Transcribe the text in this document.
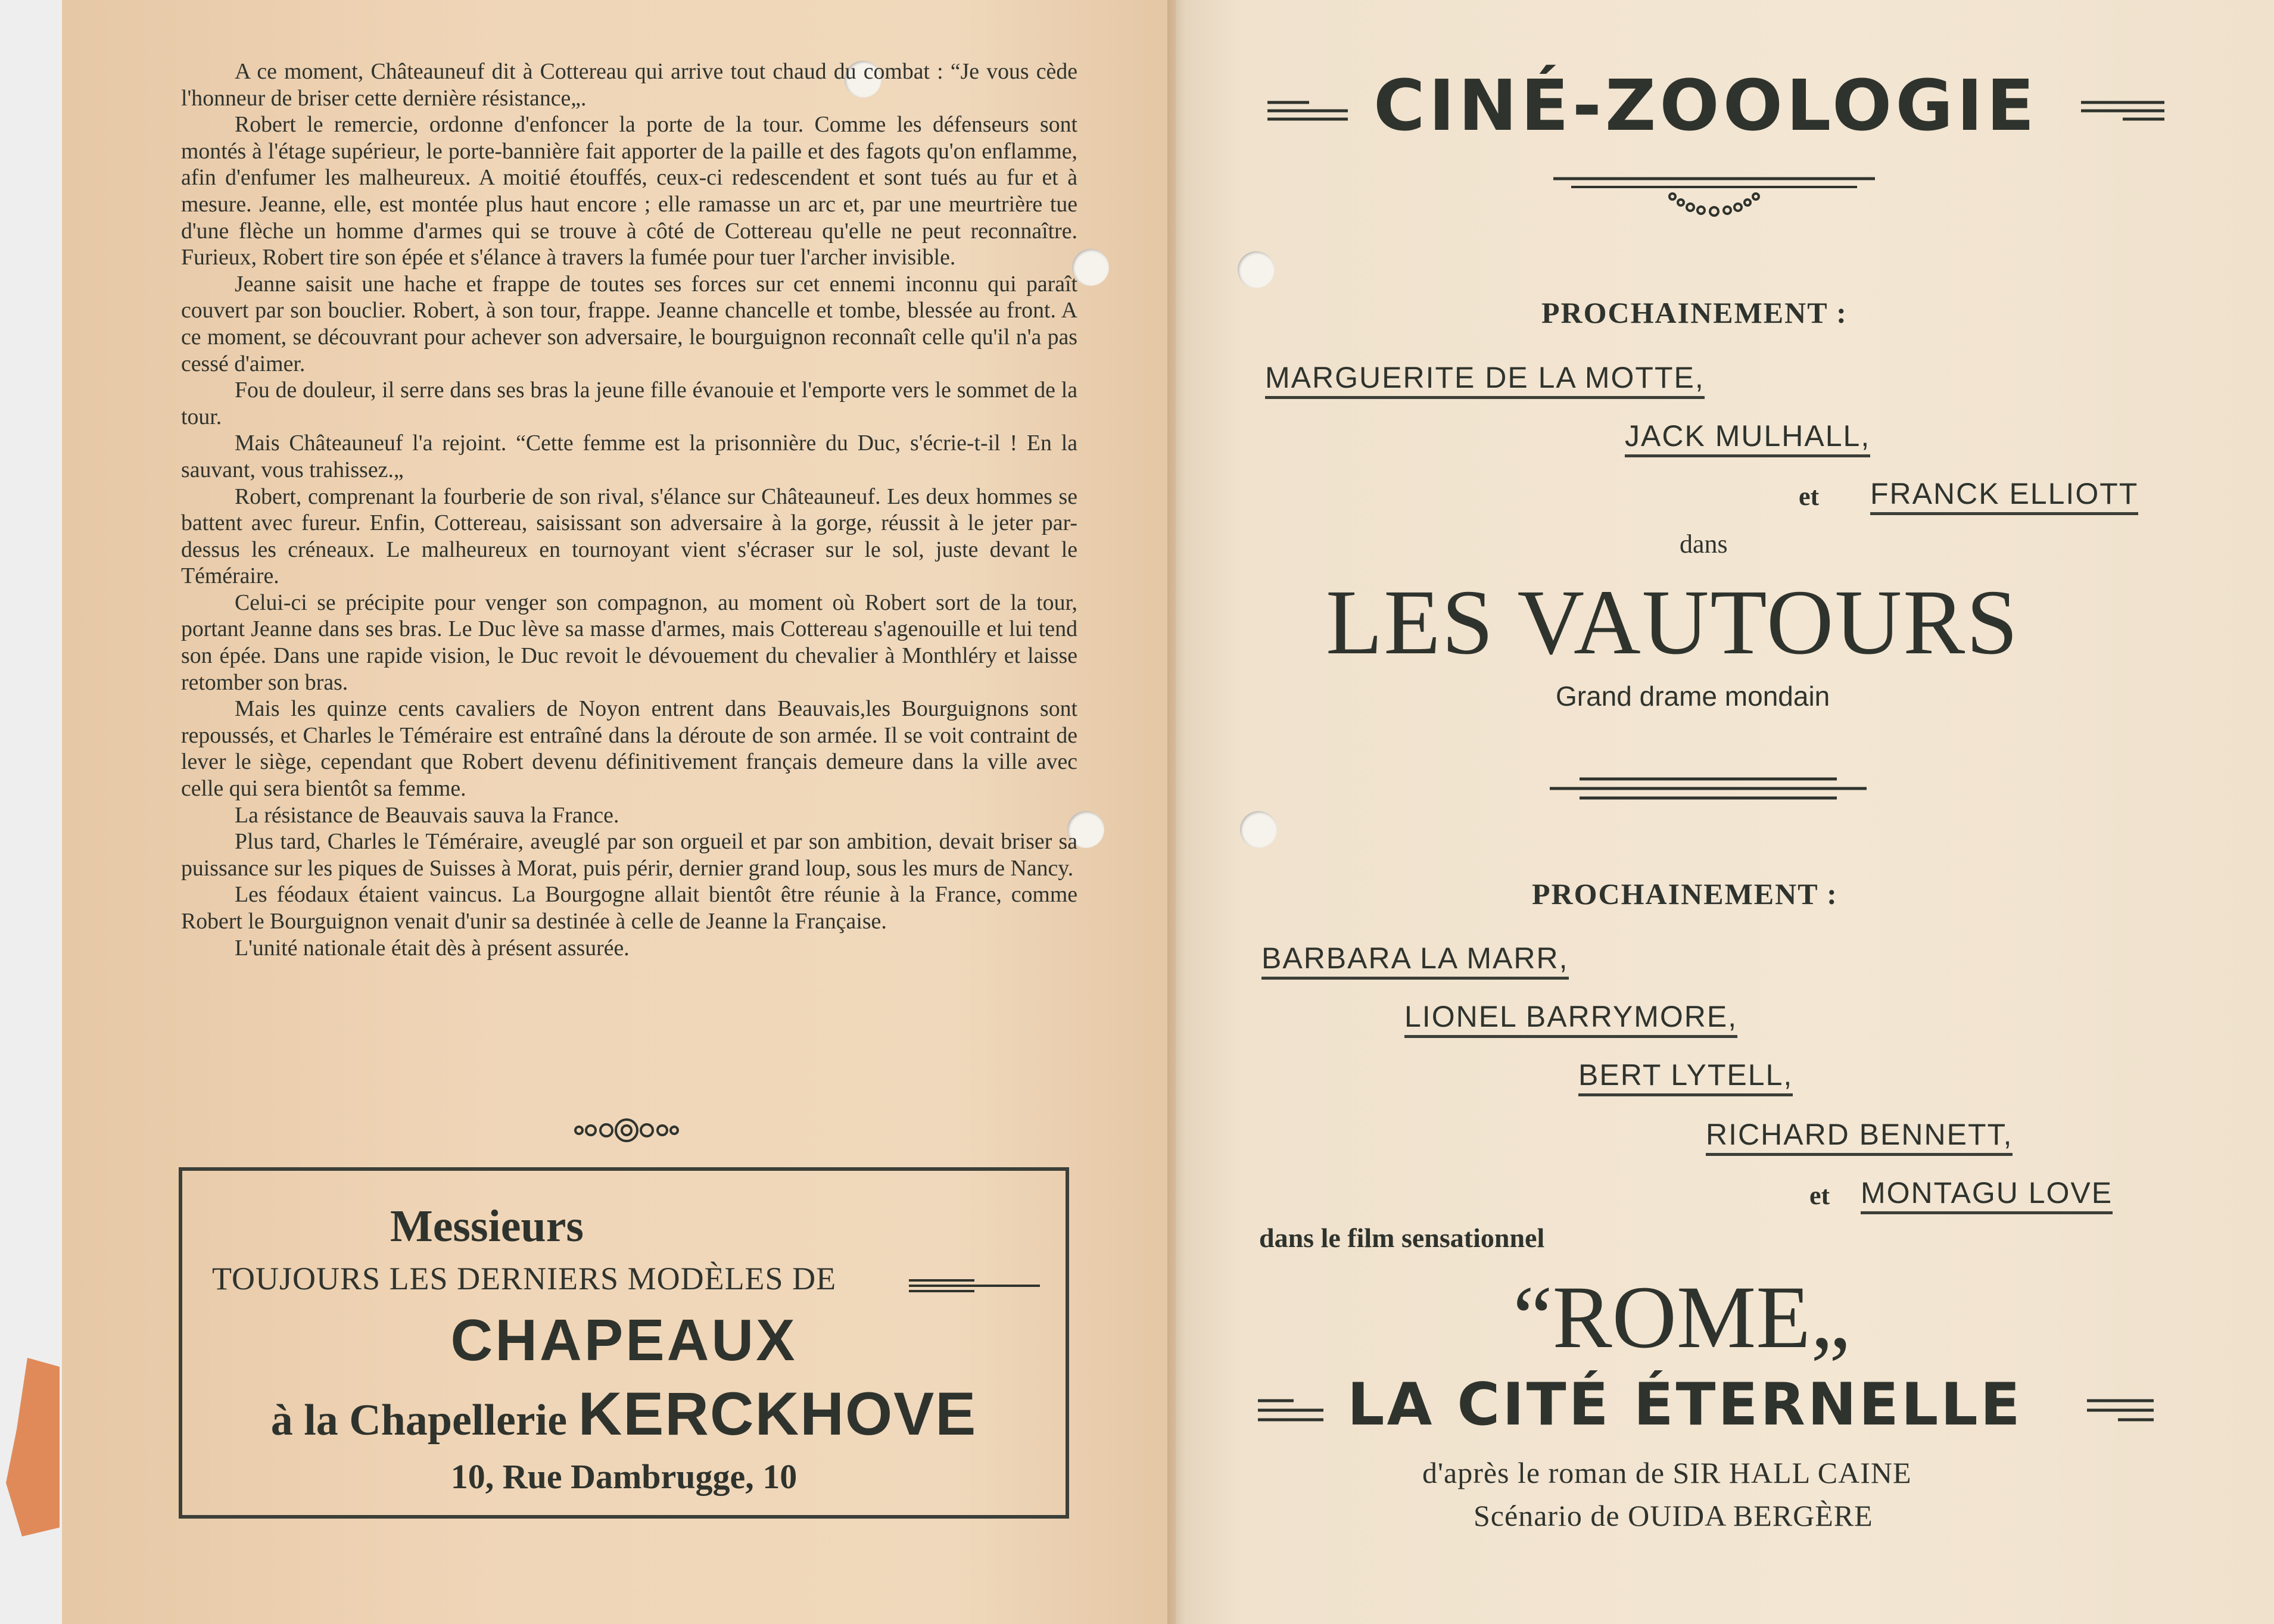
A ce moment, Châteauneuf dit à Cottereau qui arrive tout chaud du combat : “Je vous cède l'honneur de briser cette dernière résistance„.

Robert le remercie, ordonne d'enfoncer la porte de la tour. Comme les défenseurs sont montés à l'étage supérieur, le porte-bannière fait apporter de la paille et des fagots qu'on enflamme, afin d'enfumer les malheureux. A moitié étouffés, ceux-ci redescendent et sont tués au fur et à mesure. Jeanne, elle, est montée plus haut encore ; elle ramasse un arc et, par une meurtrière tue d'une flèche un homme d'armes qui se trouve à côté de Cottereau qu'elle ne peut reconnaître. Furieux, Robert tire son épée et s'élance à travers la fumée pour tuer l'archer invisible.

Jeanne saisit une hache et frappe de toutes ses forces sur cet ennemi inconnu qui paraît couvert par son bouclier. Robert, à son tour, frappe. Jeanne chancelle et tombe, blessée au front. A ce moment, se découvrant pour achever son adversaire, le bourguignon reconnaît celle qu'il n'a pas cessé d'aimer.

Fou de douleur, il serre dans ses bras la jeune fille évanouie et l'emporte vers le sommet de la tour.

Mais Châteauneuf l'a rejoint. “Cette femme est la prisonnière du Duc, s'écrie-t-il ! En la sauvant, vous trahissez.„

Robert, comprenant la fourberie de son rival, s'élance sur Châteauneuf. Les deux hommes se battent avec fureur. Enfin, Cottereau, saisissant son adversaire à la gorge, réussit à le jeter par-dessus les créneaux. Le malheureux en tournoyant vient s'écraser sur le sol, juste devant le Téméraire.

Celui-ci se précipite pour venger son compagnon, au moment où Robert sort de la tour, portant Jeanne dans ses bras. Le Duc lève sa masse d'armes, mais Cottereau s'agenouille et lui tend son épée. Dans une rapide vision, le Duc revoit le dévouement du chevalier à Monthléry et laisse retomber son bras.

Mais les quinze cents cavaliers de Noyon entrent dans Beauvais,les Bourguignons sont repoussés, et Charles le Téméraire est entraîné dans la déroute de son armée. Il se voit contraint de lever le siège, cependant que Robert devenu définitivement français demeure dans la ville avec celle qui sera bientôt sa femme.

La résistance de Beauvais sauva la France.

Plus tard, Charles le Téméraire, aveuglé par son orgueil et par son ambition, devait briser sa puissance sur les piques de Suisses à Morat, puis périr, dernier grand loup, sous les murs de Nancy.

Les féodaux étaient vaincus. La Bourgogne allait bientôt être réunie à la France, comme Robert le Bourguignon venait d'unir sa destinée à celle de Jeanne la Française.

L'unité nationale était dès à présent assurée.

Messieurs
TOUJOURS LES DERNIERS MODÈLES DE
CHAPEAUX
à la Chapellerie KERCKHOVE
10, Rue Dambrugge, 10
CINÉ-ZOOLOGIE
PROCHAINEMENT :
MARGUERITE DE LA MOTTE,
JACK MULHALL,
et FRANCK ELLIOTT
dans
LES VAUTOURS
Grand drame mondain
PROCHAINEMENT :
BARBARA LA MARR,
LIONEL BARRYMORE,
BERT LYTELL,
RICHARD BENNETT,
et MONTAGU LOVE
dans le film sensationnel
“ROME„
LA CITÉ ÉTERNELLE
d'après le roman de SIR HALL CAINE
Scénario de OUIDA BERGÈRE
